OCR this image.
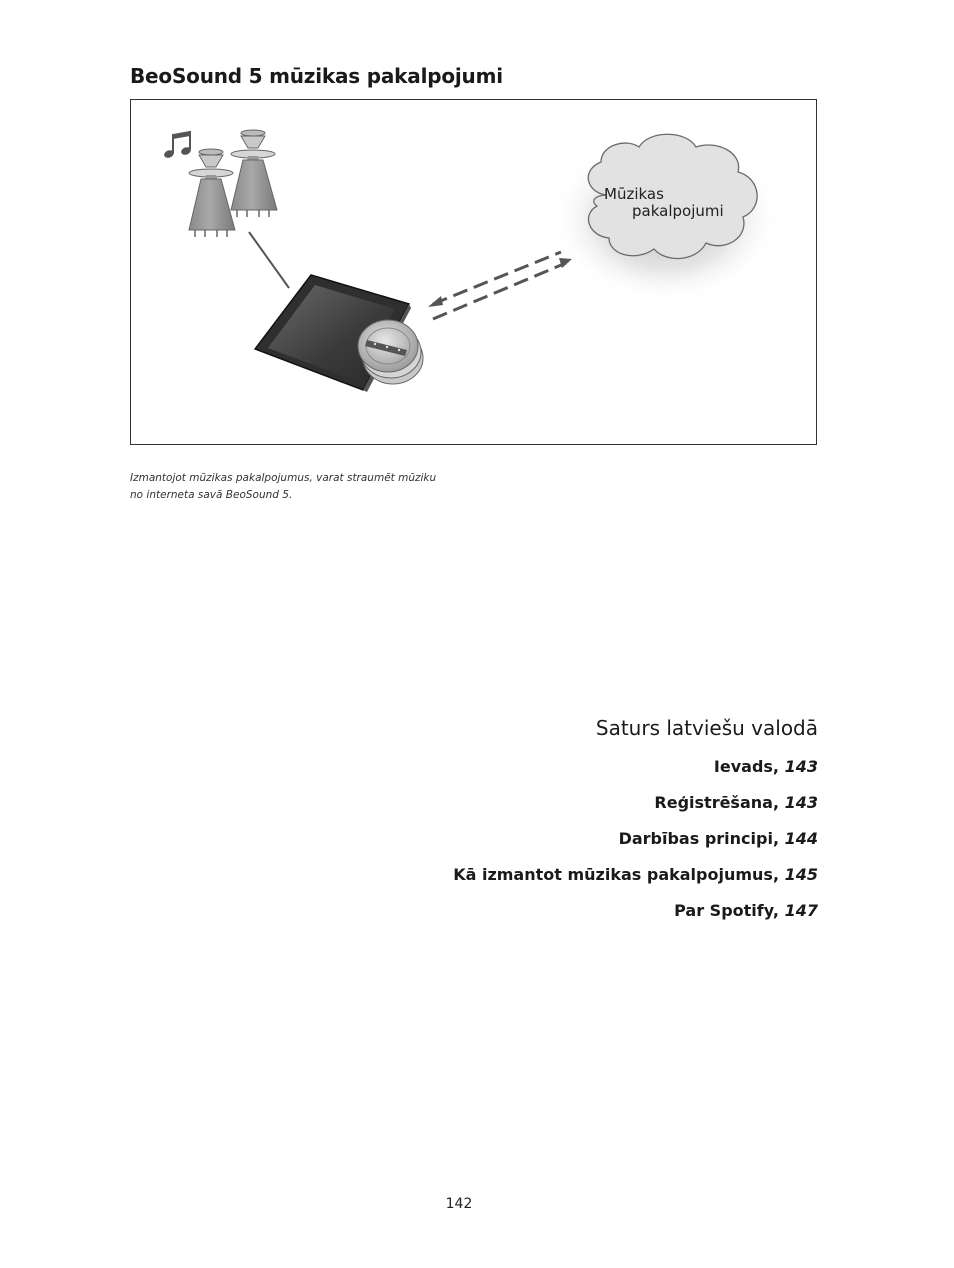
BeoSound 5 mūzikas pakalpojumi
Mūzikas
pakalpojumi
Izmantojot mūzikas pakalpojumus, varat straumēt mūziku
no interneta savā BeoSound 5.
Saturs latviešu valodā
Ievads, 143
Reģistrēšana, 143
Darbības principi, 144
Kā izmantot mūzikas pakalpojumus, 145
Par Spotify, 147
142
